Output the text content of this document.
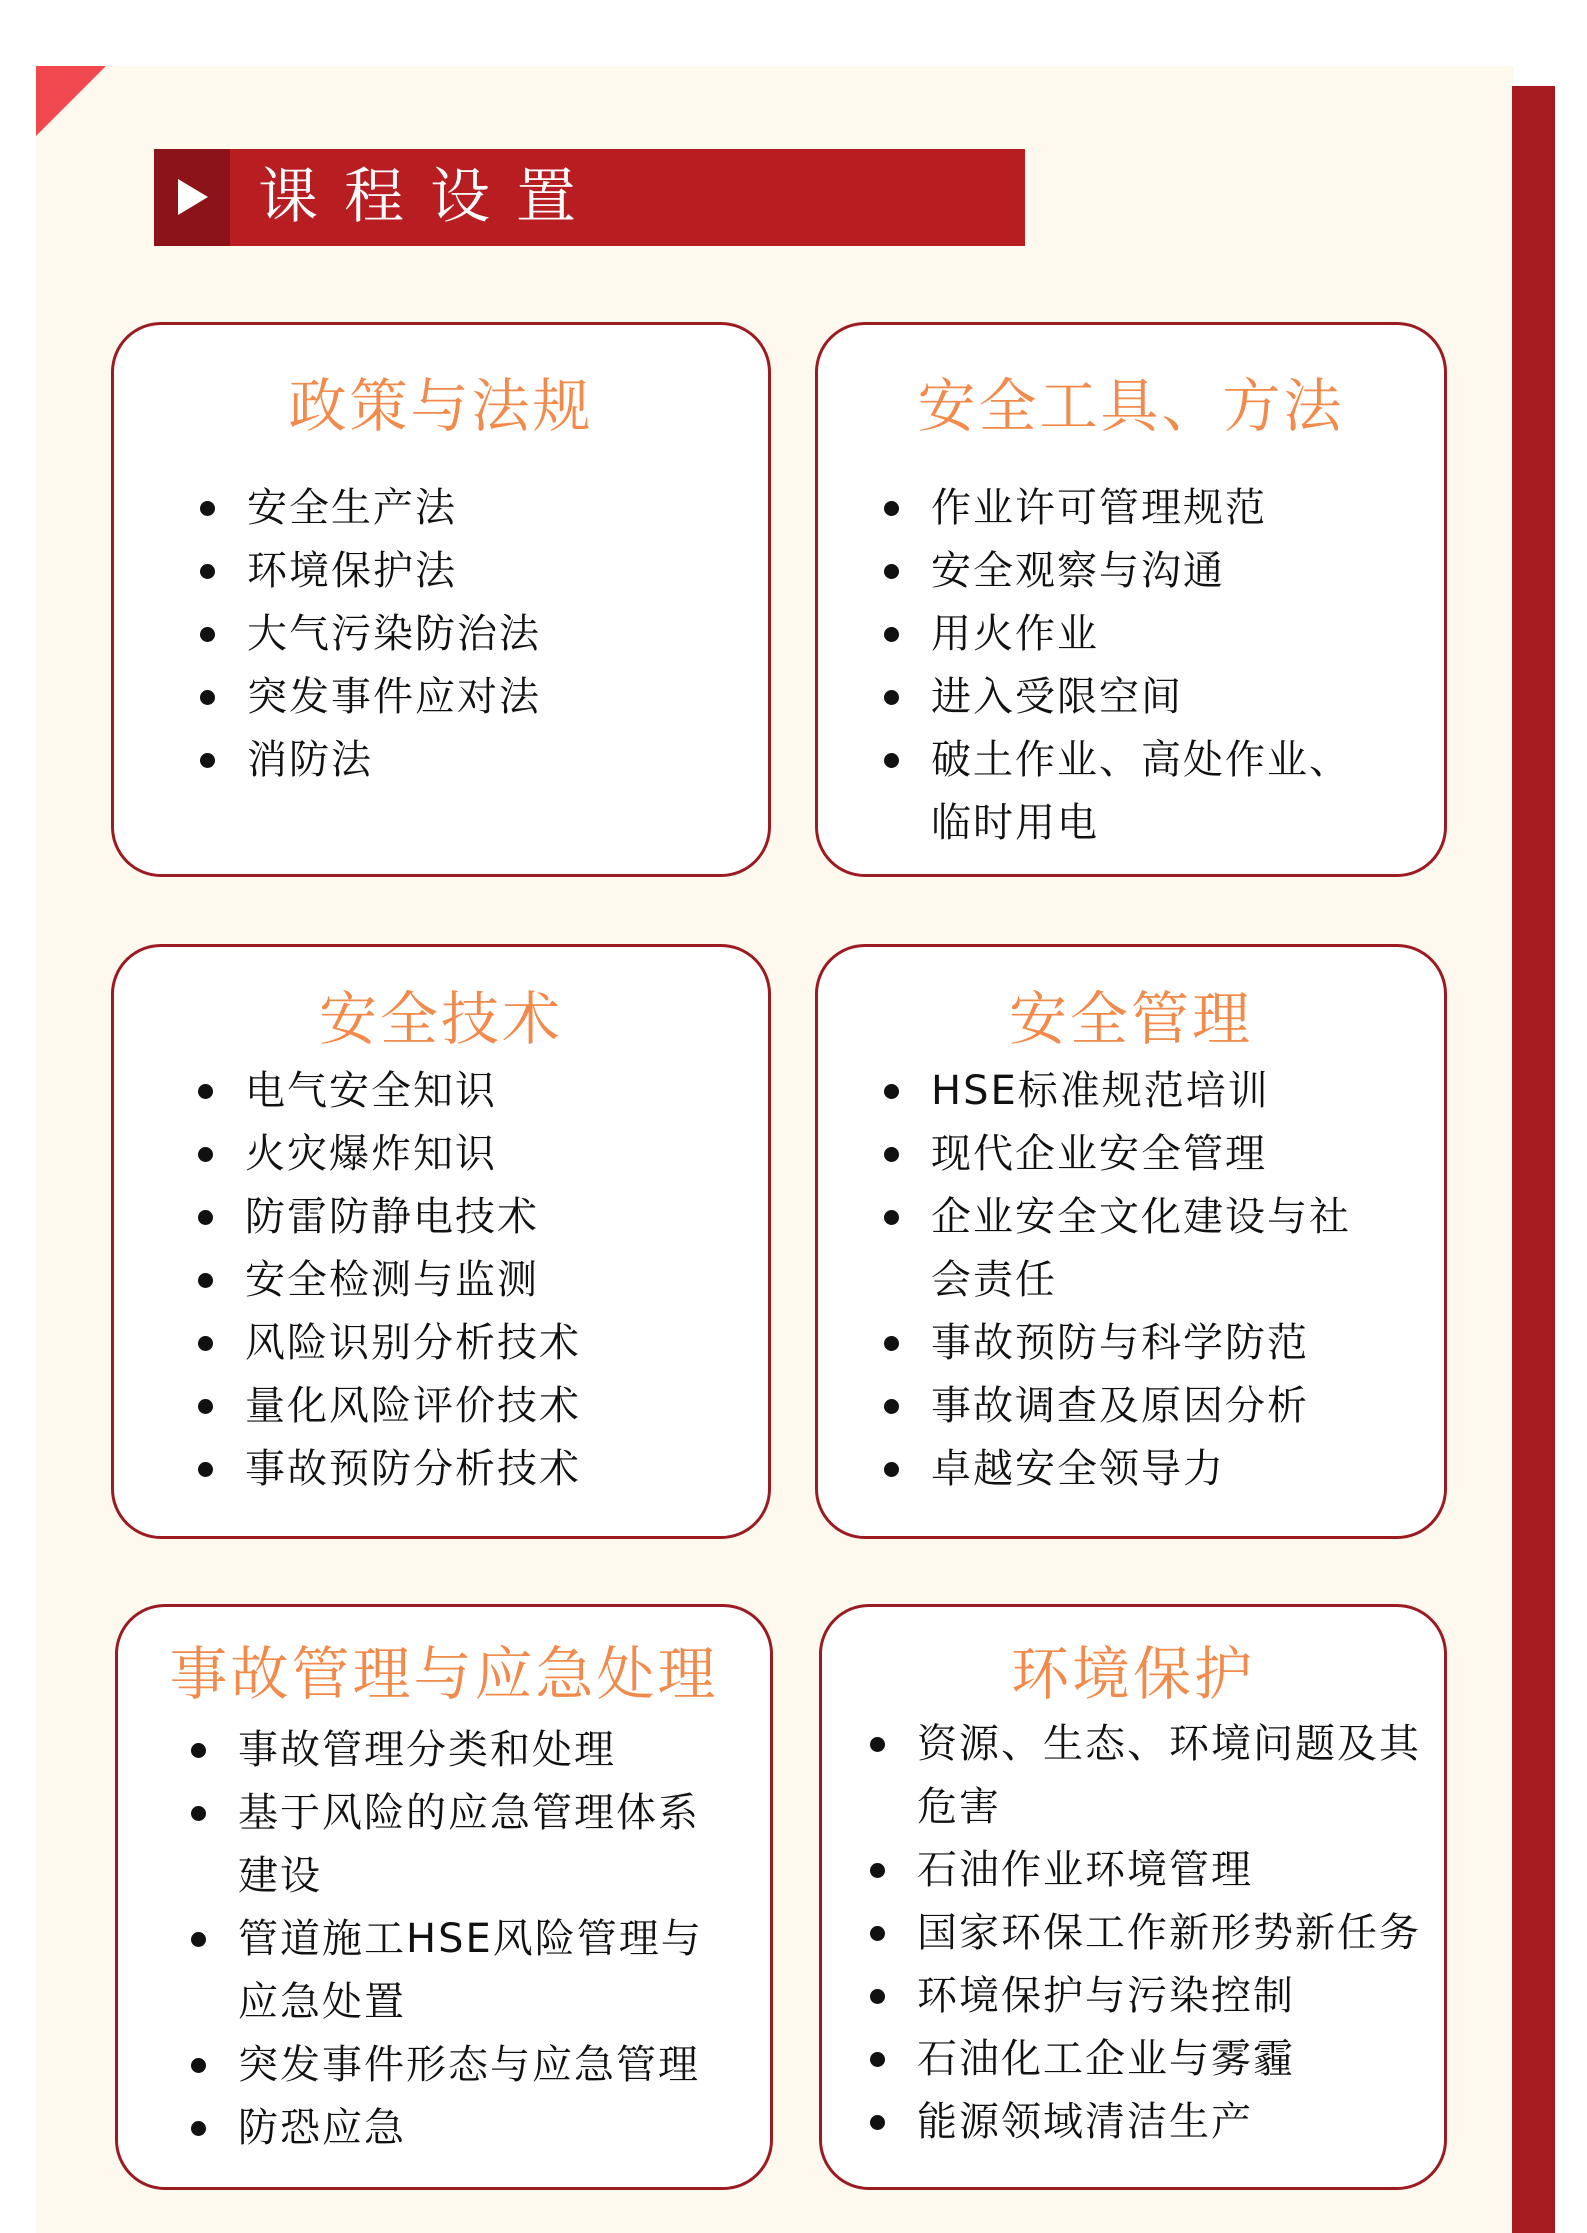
课程设置
政策与法规
安全生产法
环境保护法
大气污染防治法
突发事件应对法
消防法
安全工具、方法
作业许可管理规范
安全观察与沟通
用火作业
进入受限空间
破土作业、高处作业、临时用电
安全技术
电气安全知识
火灾爆炸知识
防雷防静电技术
安全检测与监测
风险识别分析技术
量化风险评价技术
事故预防分析技术
安全管理
HSE标准规范培训
现代企业安全管理
企业安全文化建设与社会责任
事故预防与科学防范
事故调查及原因分析
卓越安全领导力
事故管理与应急处理
事故管理分类和处理
基于风险的应急管理体系建设
管道施工HSE风险管理与应急处置
突发事件形态与应急管理
防恐应急
环境保护
资源、生态、环境问题及其危害
石油作业环境管理
国家环保工作新形势新任务
环境保护与污染控制
石油化工企业与雾霾
能源领域清洁生产
